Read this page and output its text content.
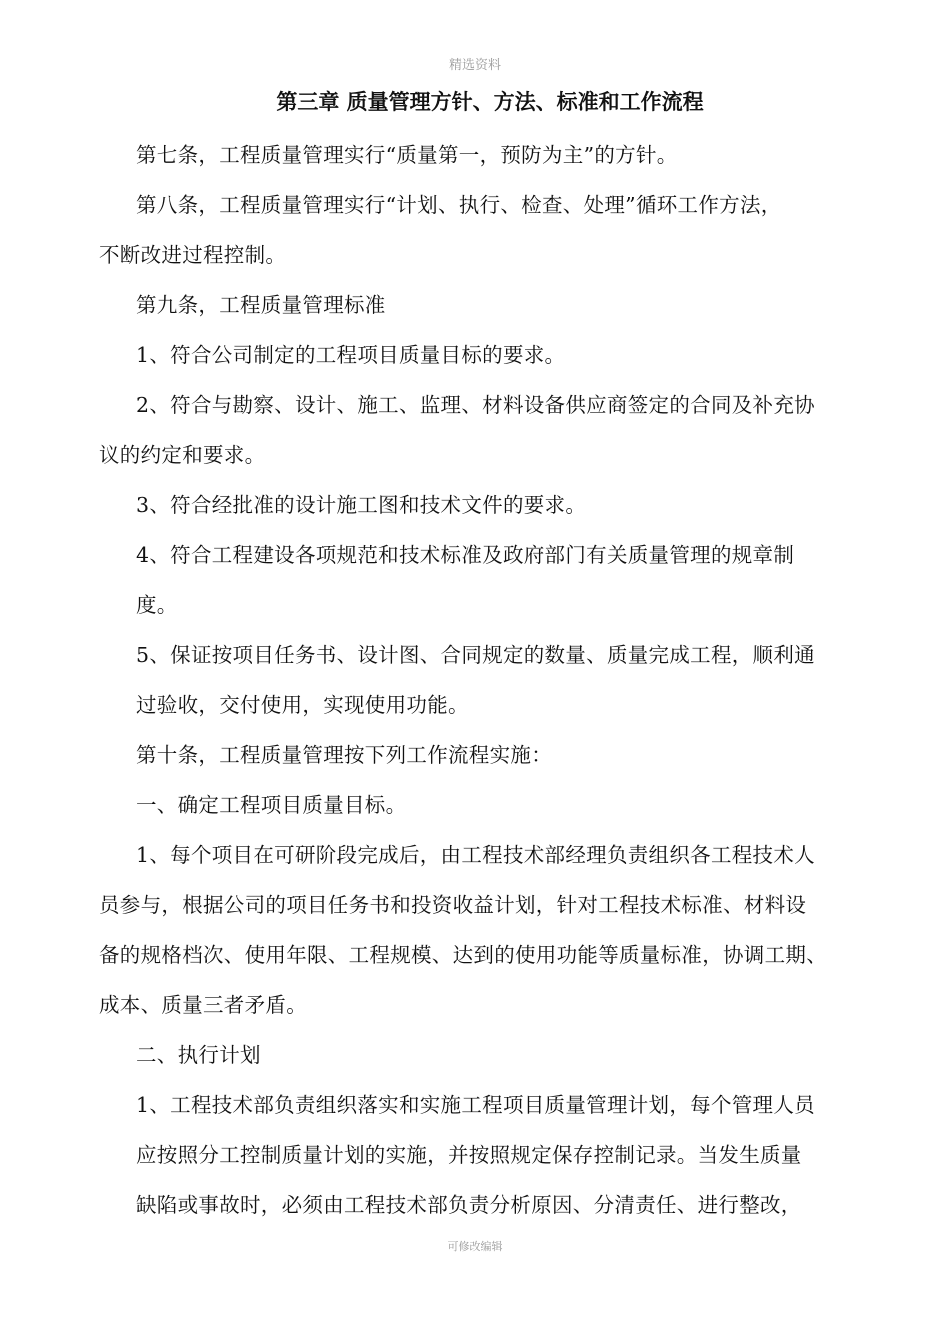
精选资料
第三章 质量管理方针、方法、标准和工作流程
第七条，工程质量管理实行“质量第一，预防为主”的方针。
第八条，工程质量管理实行“计划、执行、检查、处理”循环工作方法，
不断改进过程控制。
第九条，工程质量管理标准
1、符合公司制定的工程项目质量目标的要求。
2、符合与勘察、设计、施工、监理、材料设备供应商签定的合同及补充协
议的约定和要求。
3、符合经批准的设计施工图和技术文件的要求。
4、符合工程建设各项规范和技术标准及政府部门有关质量管理的规章制
度。
5、保证按项目任务书、设计图、合同规定的数量、质量完成工程，顺利通
过验收，交付使用，实现使用功能。
第十条，工程质量管理按下列工作流程实施：
一、确定工程项目质量目标。
1、每个项目在可研阶段完成后，由工程技术部经理负责组织各工程技术人
员参与，根据公司的项目任务书和投资收益计划，针对工程技术标准、材料设
备的规格档次、使用年限、工程规模、达到的使用功能等质量标准，协调工期、
成本、质量三者矛盾。
二、执行计划
1、工程技术部负责组织落实和实施工程项目质量管理计划，每个管理人员
应按照分工控制质量计划的实施，并按照规定保存控制记录。当发生质量
缺陷或事故时，必须由工程技术部负责分析原因、分清责任、进行整改，
可修改编辑
